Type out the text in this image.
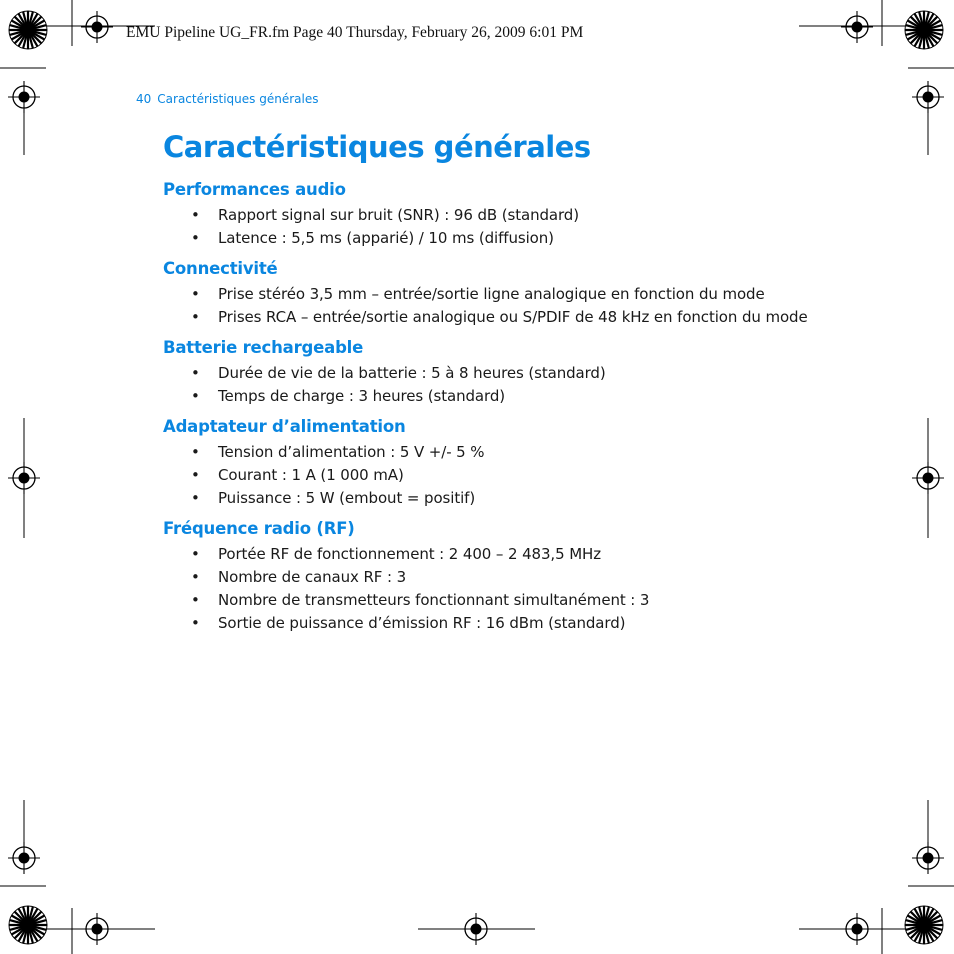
EMU Pipeline UG_FR.fm Page 40 Thursday, February 26, 2009 6:01 PM
40 Caractéristiques générales
Caractéristiques générales
Performances audio
• Rapport signal sur bruit (SNR) : 96 dB (standard)
• Latence : 5,5 ms (apparié) / 10 ms (diffusion)
Connectivité
• Prise stéréo 3,5 mm – entrée/sortie ligne analogique en fonction du mode
• Prises RCA – entrée/sortie analogique ou S/PDIF de 48 kHz en fonction du mode
Batterie rechargeable
• Durée de vie de la batterie : 5 à 8 heures (standard)
• Temps de charge : 3 heures (standard)
Adaptateur d’alimentation
• Tension d’alimentation : 5 V +/- 5 %
• Courant : 1 A (1 000 mA)
• Puissance : 5 W (embout = positif)
Fréquence radio (RF)
• Portée RF de fonctionnement : 2 400 – 2 483,5 MHz
• Nombre de canaux RF : 3
• Nombre de transmetteurs fonctionnant simultanément : 3
• Sortie de puissance d’émission RF : 16 dBm (standard)
